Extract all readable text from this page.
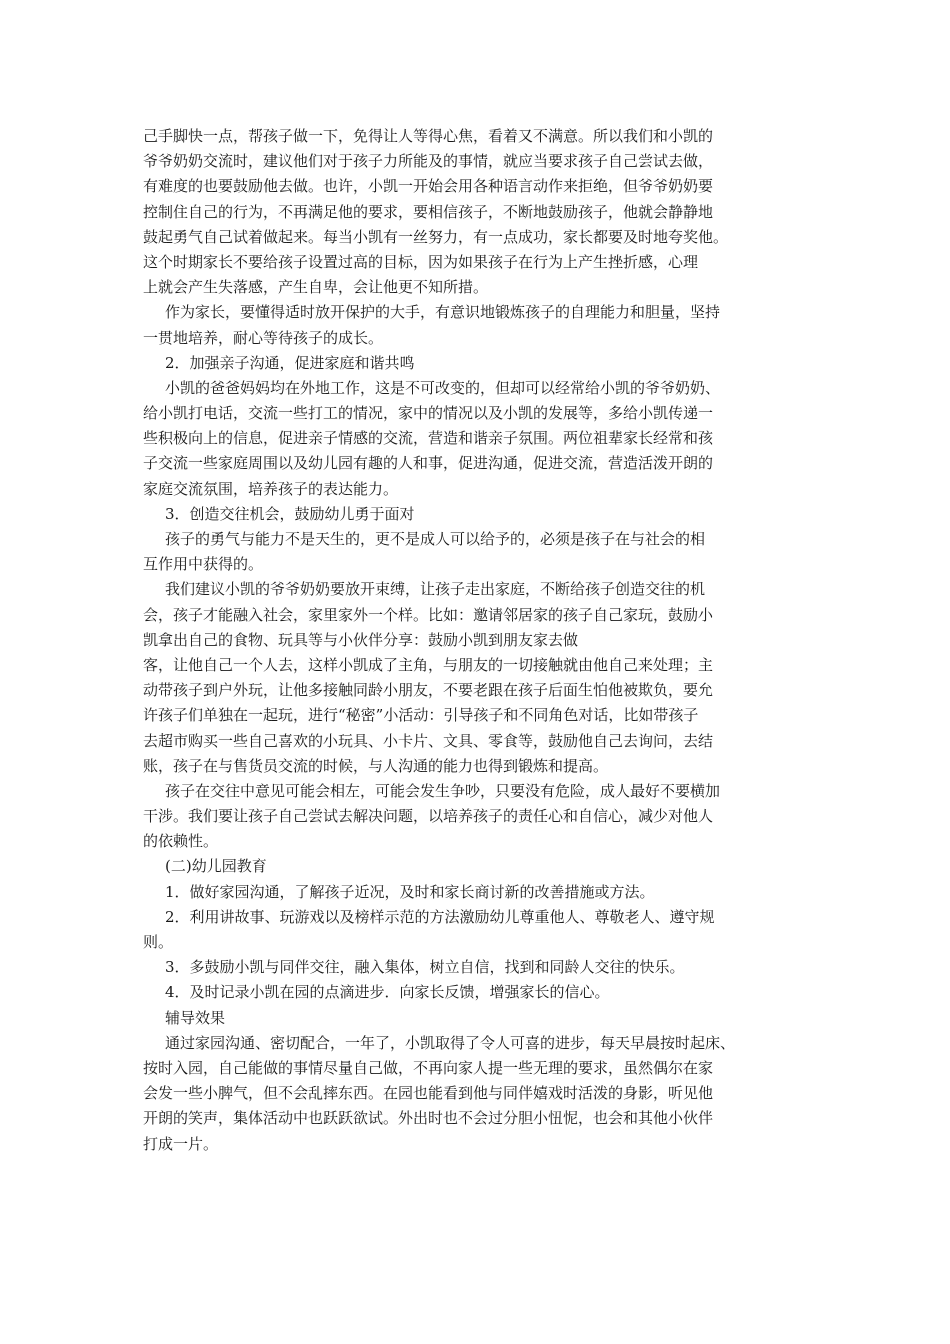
己手脚快一点，帮孩子做一下，免得让人等得心焦，看着又不满意。所以我们和小凯的
爷爷奶奶交流时，建议他们对于孩子力所能及的事情，就应当要求孩子自己尝试去做，
有难度的也要鼓励他去做。也许，小凯一开始会用各种语言动作来拒绝，但爷爷奶奶要
控制住自己的行为，不再满足他的要求，要相信孩子，不断地鼓励孩子，他就会静静地
鼓起勇气自己试着做起来。每当小凯有一丝努力，有一点成功，家长都要及时地夸奖他。
这个时期家长不要给孩子设置过高的目标，因为如果孩子在行为上产生挫折感，心理
上就会产生失落感，产生自卑，会让他更不知所措。
作为家长，要懂得适时放开保护的大手，有意识地锻炼孩子的自理能力和胆量，坚持
一贯地培养，耐心等待孩子的成长。
2．加强亲子沟通，促进家庭和谐共鸣
小凯的爸爸妈妈均在外地工作，这是不可改变的，但却可以经常给小凯的爷爷奶奶、
给小凯打电话，交流一些打工的情况，家中的情况以及小凯的发展等，多给小凯传递一
些积极向上的信息，促进亲子情感的交流，营造和谐亲子氛围。两位祖辈家长经常和孩
子交流一些家庭周围以及幼儿园有趣的人和事，促进沟通，促进交流，营造活泼开朗的
家庭交流氛围，培养孩子的表达能力。
3．创造交往机会，鼓励幼儿勇于面对
孩子的勇气与能力不是天生的，更不是成人可以给予的，必须是孩子在与社会的相
互作用中获得的。
我们建议小凯的爷爷奶奶要放开束缚，让孩子走出家庭，不断给孩子创造交往的机
会，孩子才能融入社会，家里家外一个样。比如：邀请邻居家的孩子自己家玩，鼓励小
凯拿出自己的食物、玩具等与小伙伴分享：鼓励小凯到朋友家去做
客，让他自己一个人去，这样小凯成了主角，与朋友的一切接触就由他自己来处理；主
动带孩子到户外玩，让他多接触同龄小朋友，不要老跟在孩子后面生怕他被欺负，要允
许孩子们单独在一起玩，进行“秘密”小活动：引导孩子和不同角色对话，比如带孩子
去超市购买一些自己喜欢的小玩具、小卡片、文具、零食等，鼓励他自己去询问，去结
账，孩子在与售货员交流的时候，与人沟通的能力也得到锻炼和提高。
孩子在交往中意见可能会相左，可能会发生争吵，只要没有危险，成人最好不要横加
干涉。我们要让孩子自己尝试去解决问题，以培养孩子的责任心和自信心，减少对他人
的依赖性。
(二)幼儿园教育
1．做好家园沟通，了解孩子近况，及时和家长商讨新的改善措施或方法。
2．利用讲故事、玩游戏以及榜样示范的方法激励幼儿尊重他人、尊敬老人、遵守规
则。
3．多鼓励小凯与同伴交往，融入集体，树立自信，找到和同龄人交往的快乐。
4．及时记录小凯在园的点滴进步．向家长反馈，增强家长的信心。
辅导效果
通过家园沟通、密切配合，一年了，小凯取得了令人可喜的进步，每天早晨按时起床、
按时入园，自己能做的事情尽量自己做，不再向家人提一些无理的要求，虽然偶尔在家
会发一些小脾气，但不会乱摔东西。在园也能看到他与同伴嬉戏时活泼的身影，听见他
开朗的笑声，集体活动中也跃跃欲试。外出时也不会过分胆小忸怩，也会和其他小伙伴
打成一片。
